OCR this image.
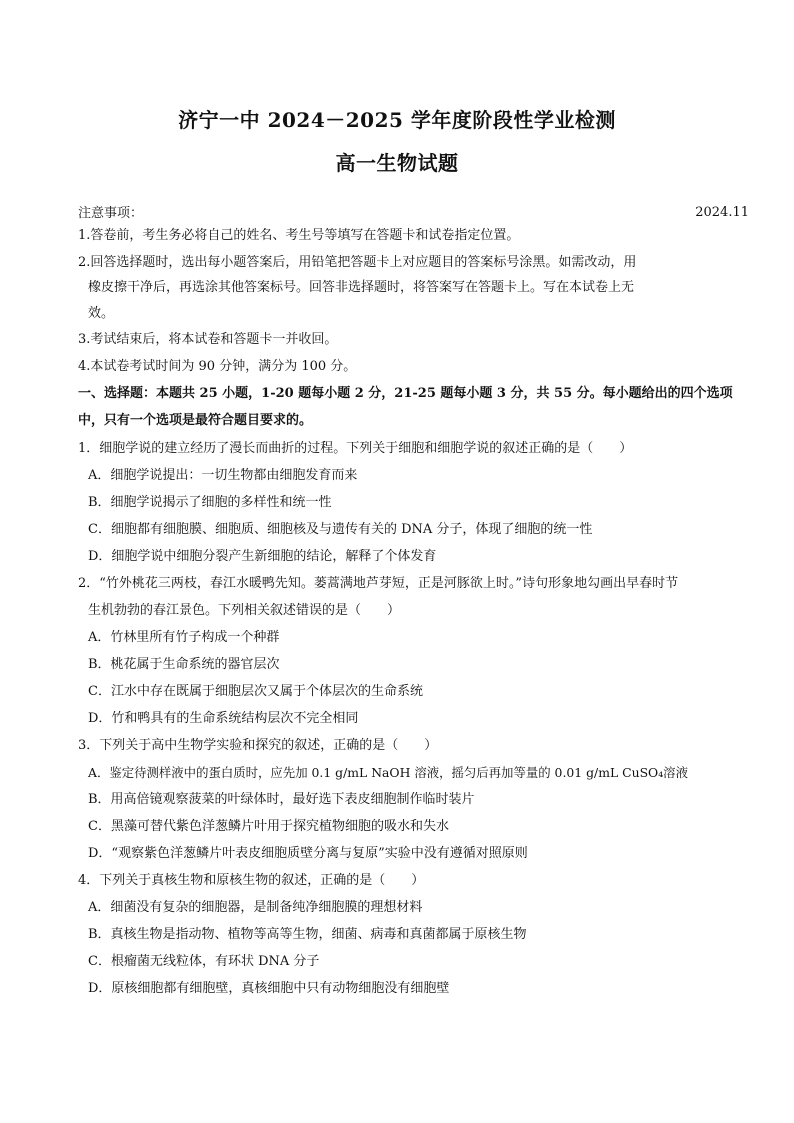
济宁一中 2024－2025 学年度阶段性学业检测
高一生物试题
注意事项：	2024.11
1.答卷前，考生务必将自己的姓名、考生号等填写在答题卡和试卷指定位置。
2.回答选择题时，选出每小题答案后，用铅笔把答题卡上对应题目的答案标号涂黑。如需改动，用
橡皮擦干净后，再选涂其他答案标号。回答非选择题时，将答案写在答题卡上。写在本试卷上无
效。
3.考试结束后，将本试卷和答题卡一并收回。
4.本试卷考试时间为 90 分钟，满分为 100 分。
一、选择题：本题共 25 小题，1-20 题每小题 2 分，21-25 题每小题 3 分，共 55 分。每小题给出的四个选项
中，只有一个选项是最符合题目要求的。
1．细胞学说的建立经历了漫长而曲折的过程。下列关于细胞和细胞学说的叙述正确的是（　　）
A．细胞学说提出：一切生物都由细胞发育而来
B．细胞学说揭示了细胞的多样性和统一性
C．细胞都有细胞膜、细胞质、细胞核及与遗传有关的 DNA 分子，体现了细胞的统一性
D．细胞学说中细胞分裂产生新细胞的结论，解释了个体发育
2．“竹外桃花三两枝，春江水暖鸭先知。蒌蒿满地芦芽短，正是河豚欲上时。”诗句形象地勾画出早春时节
生机勃勃的春江景色。下列相关叙述错误的是（　　）
A．竹林里所有竹子构成一个种群
B．桃花属于生命系统的器官层次
C．江水中存在既属于细胞层次又属于个体层次的生命系统
D．竹和鸭具有的生命系统结构层次不完全相同
3．下列关于高中生物学实验和探究的叙述，正确的是（　　）
A．鉴定待测样液中的蛋白质时，应先加 0.1 g/mL NaOH 溶液，摇匀后再加等量的 0.01 g/mL CuSO₄溶液
B．用高倍镜观察菠菜的叶绿体时，最好选下表皮细胞制作临时装片
C．黑藻可替代紫色洋葱鳞片叶用于探究植物细胞的吸水和失水
D．“观察紫色洋葱鳞片叶表皮细胞质壁分离与复原”实验中没有遵循对照原则
4．下列关于真核生物和原核生物的叙述，正确的是（　　）
A．细菌没有复杂的细胞器，是制备纯净细胞膜的理想材料
B．真核生物是指动物、植物等高等生物，细菌、病毒和真菌都属于原核生物
C．根瘤菌无线粒体，有环状 DNA 分子
D．原核细胞都有细胞壁，真核细胞中只有动物细胞没有细胞壁
